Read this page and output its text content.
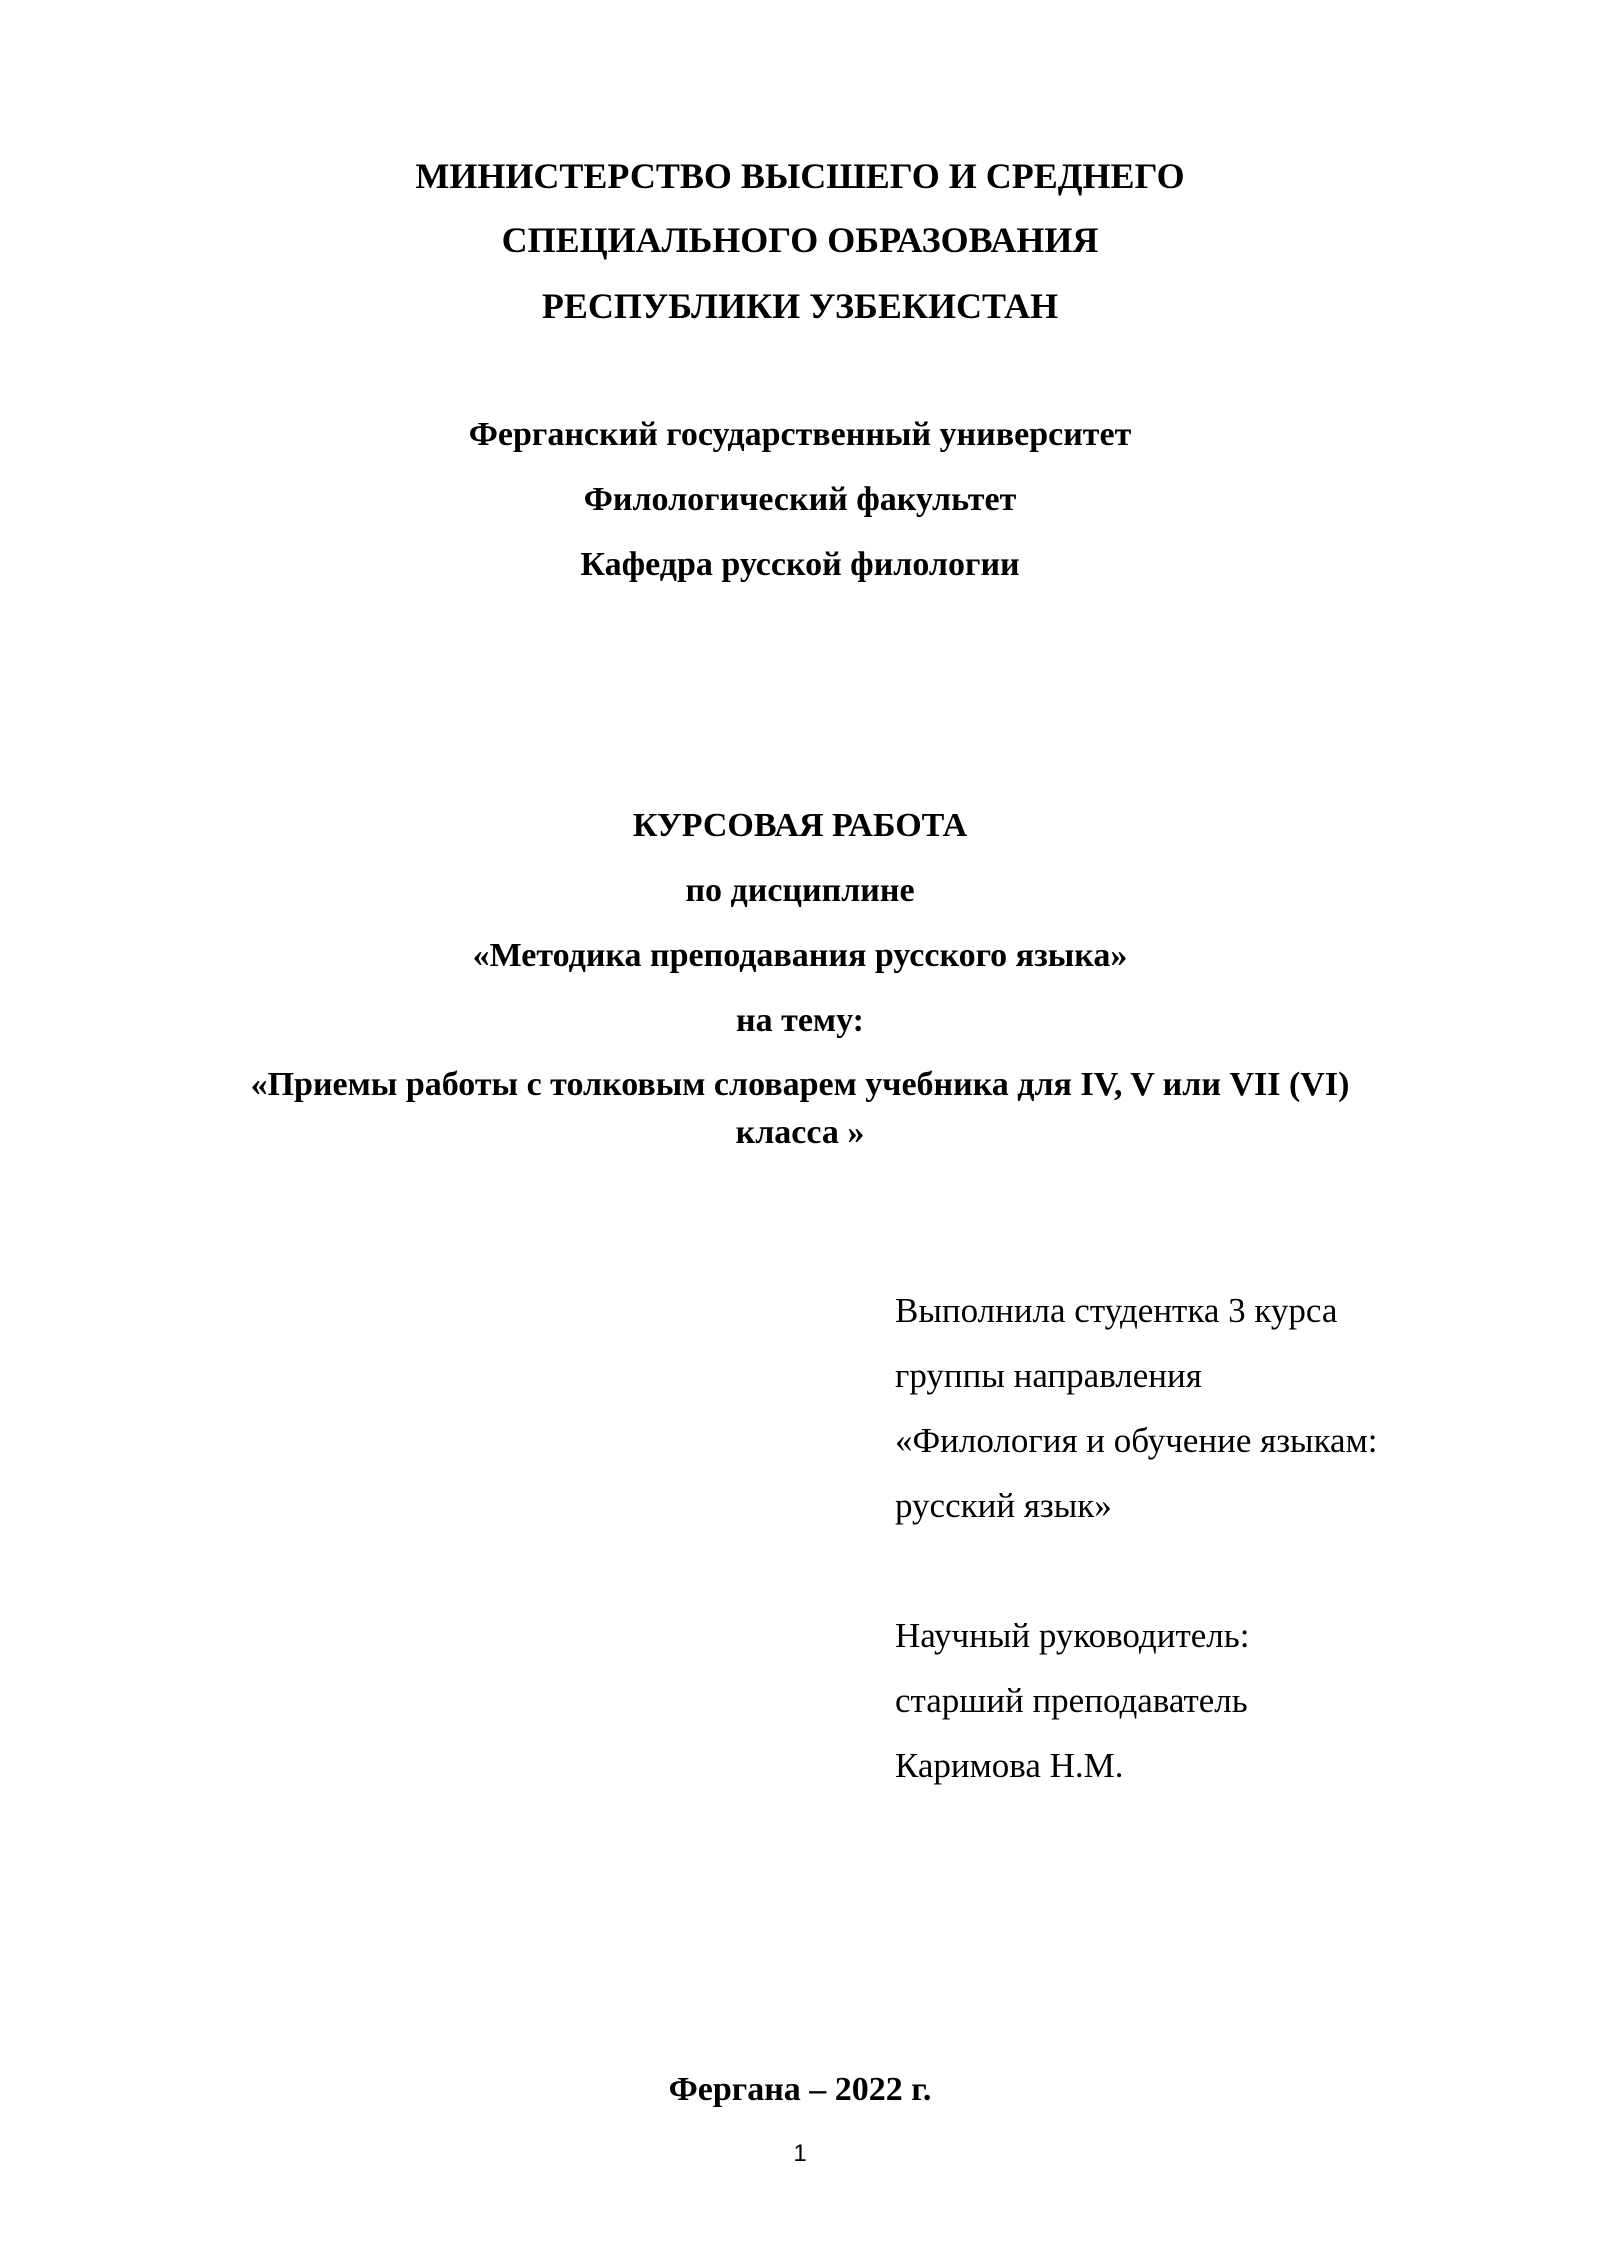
МИНИСТЕРСТВО ВЫСШЕГО И СРЕДНЕГО
СПЕЦИАЛЬНОГО ОБРАЗОВАНИЯ
РЕСПУБЛИКИ УЗБЕКИСТАН
Ферганский государственный университет
Филологический факультет
Кафедра русской филологии
КУРСОВАЯ РАБОТА
по дисциплине
«Методика преподавания русского языка»
на тему:
«Приемы работы с толковым словарем учебника для IV, V или VII (VI)
класса »
Выполнила студентка 3 курса
группы направления
«Филология и обучение языкам:
русский язык»
Научный руководитель:
старший преподаватель
Каримова Н.М.
Фергана – 2022 г.
1
